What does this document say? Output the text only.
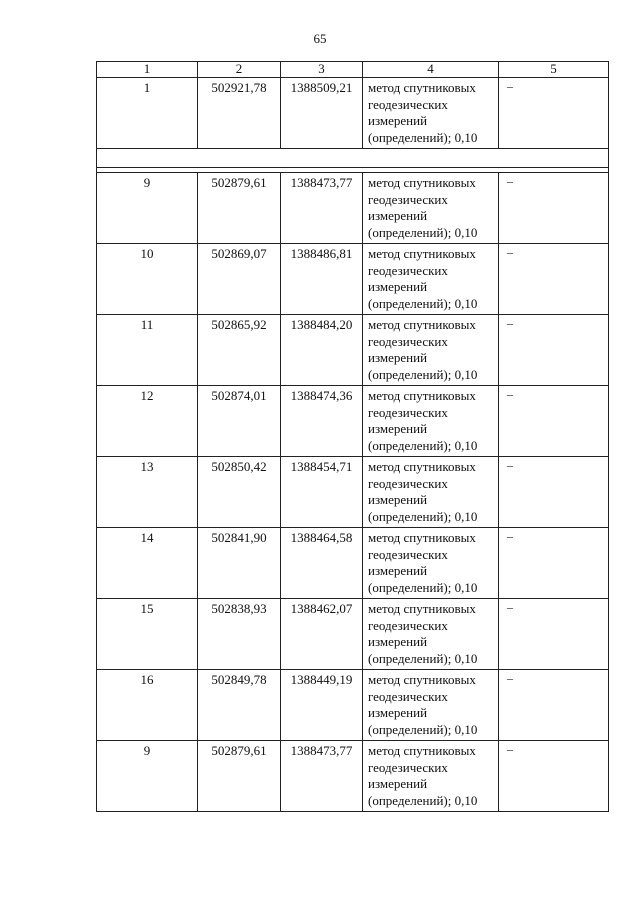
65
1	2	3	4	5
1	502921,78	1388509,21	метод спутниковых геодезических измерений (определений); 0,10	–

9	502879,61	1388473,77	метод спутниковых геодезических измерений (определений); 0,10	–
10	502869,07	1388486,81	метод спутниковых геодезических измерений (определений); 0,10	–
11	502865,92	1388484,20	метод спутниковых геодезических измерений (определений); 0,10	–
12	502874,01	1388474,36	метод спутниковых геодезических измерений (определений); 0,10	–
13	502850,42	1388454,71	метод спутниковых геодезических измерений (определений); 0,10	–
14	502841,90	1388464,58	метод спутниковых геодезических измерений (определений); 0,10	–
15	502838,93	1388462,07	метод спутниковых геодезических измерений (определений); 0,10	–
16	502849,78	1388449,19	метод спутниковых геодезических измерений (определений); 0,10	–
9	502879,61	1388473,77	метод спутниковых геодезических измерений (определений); 0,10	–
